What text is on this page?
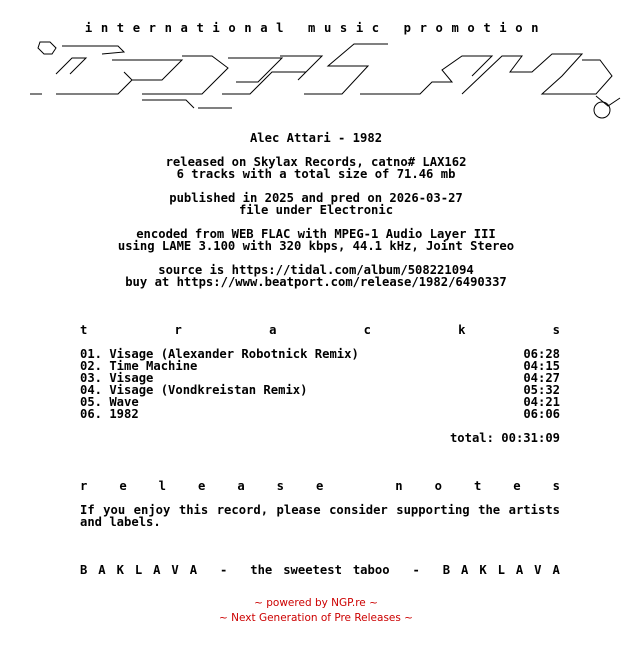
international music promotion
Alec Attari - 1982
released on Skylax Records, catno# LAX162
6 tracks with a total size of 71.46 mb
published in 2025 and pred on 2026-03-27
file under Electronic
encoded from WEB FLAC with MPEG-1 Audio Layer III
using LAME 3.100 with 320 kbps, 44.1 kHz, Joint Stereo
source is https://tidal.com/album/508221094
buy at https://www.beatport.com/release/1982/6490337
t	r	a	c	k	s
01. Visage (Alexander Robotnick Remix)	06:28
02. Time Machine	04:15
03. Visage	04:27
04. Visage (Vondkreistan Remix)	05:32
05. Wave	04:21
06. 1982	06:06
total: 00:31:09
r	e	l	e	a	s	e	n	o	t	e	s
If you enjoy this record, please consider supporting the artists and labels.
B A K L A V A - the sweetest taboo - B A K L A V A
~ powered by NGP.re ~
~ Next Generation of Pre Releases ~
